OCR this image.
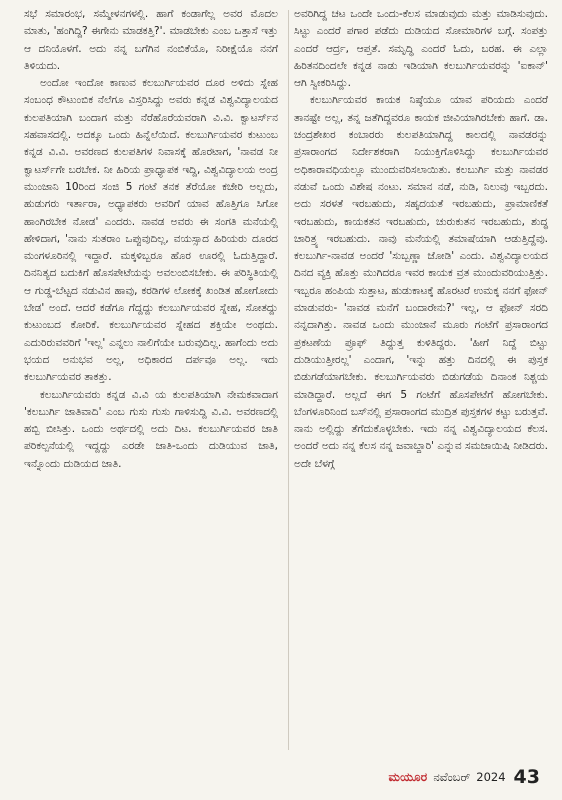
ಸಭೆ ಸಮಾರಂಭ, ಸಮ್ಮೇಳನಗಳಲ್ಲಿ. ಹಾಗೆ ಕಂಡಾಗೆಲ್ಲ ಅವರ ಮೊದಲ ಮಾತು, 'ಹಂಗಿದ್ದಿ? ಈಗೇನು ಮಾಡಕತ್ತಿ?'. ಮಾಡಬೇಕು ಎಂಬ ಒತ್ತಾಸೆ ಇತ್ತು ಆ ದನಿಯೊಳಗೆ. ಅದು ನನ್ನ ಬಗೆಗಿನ ನಂಬಿಕೆಯೊ, ನಿರೀಕ್ಷೆಯೊ ನನಗೆ ತಿಳಿಯದು.

ಅಂದೋ ಇಂದೋ ಕಾಣುವ ಕಲಬುರ್ಗಿಯವರ ದೂರ ಅಳಿದು ಸ್ನೇಹ ಸಂಬಂಧ ಕೌಟುಂಬಿಕ ನೆಲೆಗೂ ವಿಸ್ತರಿಸಿದ್ದು ಅವರು ಕನ್ನಡ ವಿಶ್ವವಿದ್ಯಾಲಯದ ಕುಲಪತಿಯಾಗಿ ಬಂದಾಗ ಮತ್ತು ನೆರೆಹೊರೆಯವರಾಗಿ ವಿ.ವಿ. ಕ್ವಾಟರ್ಸ್‌ನ ಸಹವಾಸದಲ್ಲಿ. ಅದಕ್ಕೂ ಒಂದು ಹಿನ್ನೆಲೆಯಿದೆ. ಕಲಬುರ್ಗಿಯವರ ಕುಟುಂಬ ಕನ್ನಡ ವಿ.ವಿ. ಅವರಣದ ಕುಲಪತಿಗಳ ನಿವಾಸಕ್ಕೆ ಹೊರಟಾಗ, 'ನಾವಡ ನೀ ಕ್ವಾಟರ್ಸ್‌ಗೇ ಬರಬೇಕ. ನೀ ಹಿರಿಯ ಪ್ರಾಧ್ಯಾಪಕ ಇದ್ದಿ, ವಿಶ್ವವಿದ್ಯಾಲಯ ಅಂದ್ರ ಮುಂಜಾನಿ 10ರಿಂದ ಸಂಜಿ 5 ಗಂಟೆ ತನಕ ತೆರೆಯೋ ಕಚೇರಿ ಅಲ್ಲದು, ಹುಡುಗರು ಇರ್ತಾರಾ, ಅಧ್ಯಾಪಕರು ಅವರಿಗೆ ಯಾವ ಹೊತ್ತಿಗೂ ಸಿಗೋ ಹಾಂಗಿರಬೇಕ ನೋಡ' ಎಂದರು. ನಾವಡ ಅವರು ಈ ಸಂಗತಿ ಮನೆಯಲ್ಲಿ ಹೇಳಿದಾಗ, 'ನಾನು ಸುತರಾಂ ಒಪ್ಪುವುದಿಲ್ಲ, ವಯಸ್ಸಾದ ಹಿರಿಯರು ದೂರದ ಮಂಗಳೂರಿನಲ್ಲಿ ಇದ್ದಾರೆ. ಮಕ್ಕಳಿಬ್ಬರೂ ಹೊರ ಊರಲ್ಲಿ ಓದುತ್ತಿದ್ದಾರೆ. ದಿನನಿತ್ಯದ ಬದುಕಿಗೆ ಹೊಸಪೇಟೆಯನ್ನು ಅವಲಂಬಿಸಬೇಕು. ಈ ಪರಿಸ್ಥಿತಿಯಲ್ಲಿ ಆ ಗುಡ್ಡ-ಬೆಟ್ಟದ ನಡುವಿನ ಹಾವು, ಕರಡಿಗಳ ಲೋಕಕ್ಕೆ ಖಂಡಿತ ಹೋಗೋದು ಬೇಡ' ಅಂದೆ. ಆದರೆ ಕಡೆಗೂ ಗೆದ್ದದ್ದು ಕಲಬುರ್ಗಿಯವರ ಸ್ನೇಹ, ಸೋತದ್ದು ಕುಟುಂಬದ ಕೋರಿಕೆ. ಕಲಬುರ್ಗಿಯವರ ಸ್ನೇಹದ ಶಕ್ತಿಯೇ ಅಂಥದು. ಎದುರಿರುವವರಿಗೆ 'ಇಲ್ಲ' ಎನ್ನಲು ನಾಲಿಗೆಯೇ ಬರುವುದಿಲ್ಲ. ಹಾಗೆಂದು ಅದು ಭಯದ ಅನುಭವ ಅಲ್ಲ, ಅಧಿಕಾರದ ದರ್ಪವೂ ಅಲ್ಲ. ಇದು ಕಲಬುರ್ಗಿಯವರ ತಾಕತ್ತು.

ಕಲಬುರ್ಗಿಯವರು ಕನ್ನಡ ವಿ.ವಿ ಯ ಕುಲಪತಿಯಾಗಿ ನೇಮಕವಾದಾಗ 'ಕಲಬುರ್ಗಿ ಜಾತಿವಾದಿ' ಎಂಬ ಗುಸು ಗುಸು ಗಾಳಿಸುದ್ದಿ ವಿ.ವಿ. ಅವರಣದಲ್ಲಿ ಹಬ್ಬಿ ಬೀಸಿತ್ತು. ಒಂದು ಅರ್ಥದಲ್ಲಿ ಅದು ದಿಟ. ಕಲಬುರ್ಗಿಯವರ ಜಾತಿ ಪರಿಕಲ್ಪನೆಯಲ್ಲಿ ಇದ್ದದ್ದು ಎರಡೇ ಜಾತಿ-ಒಂದು ದುಡಿಯುವ ಜಾತಿ, ಇನ್ನೊಂದು ದುಡಿಯದ ಜಾತಿ.

ಅವರಿಗಿದ್ದ ಚಟ ಒಂದೇ ಒಂದು-ಕೆಲಸ ಮಾಡುವುದು ಮತ್ತು ಮಾಡಿಸುವುದು. ಸಿಟ್ಟು ಎಂದರೆ ಪಗಾರ ಪಡೆದು ದುಡಿಯದ ಸೋಮಾರಿಗಳ ಬಗ್ಗೆ. ಸಂಪತ್ತು ಎಂದರೆ ಆರ್ದ್ರ, ಆಪ್ತತೆ. ಸಮೃದ್ಧಿ ಎಂದರೆ ಓದು, ಬರಹ. ಈ ಎಲ್ಲಾ ಹಿರಿತನದಿಂದಲೇ ಕನ್ನಡ ನಾಡು ಇಡಿಯಾಗಿ ಕಲಬುರ್ಗಿಯವರನ್ನು 'ಐಕಾನ್' ಆಗಿ ಸ್ವೀಕರಿಸಿದ್ದು.

ಕಲಬುರ್ಗಿಯವರ ಕಾಯಕ ನಿಷ್ಠೆಯೂ ಯಾವ ಪರಿಯದು ಎಂದರೆ ತಾನಷ್ಟೇ ಅಲ್ಲ, ತನ್ನ ಜತೆಗಿದ್ದವರೂ ಕಾಯಕ ಜೀವಿಯಾಗಿರಬೇಕು ಹಾಗೆ. ಡಾ. ಚಂದ್ರಶೇಖರ ಕಂಬಾರರು ಕುಲಪತಿಯಾಗಿದ್ದ ಕಾಲದಲ್ಲಿ ನಾವಡರನ್ನು ಪ್ರಸಾರಾಂಗದ ನಿರ್ದೇಶಕರಾಗಿ ನಿಯುಕ್ತಿಗೊಳಿಸಿದ್ದು ಕಲಬುರ್ಗಿಯವರ ಅಧಿಕಾರಾವಧಿಯಲ್ಲೂ ಮುಂದುವರಿಸಲಾಯಿತು. ಕಲಬುರ್ಗಿ ಮತ್ತು ನಾವಡರ ನಡುವೆ ಒಂದು ವಿಶೇಷ ನಂಟು. ಸಮಾನ ನಡೆ, ನುಡಿ, ನಿಲುವು ಇಬ್ಬರದು. ಅದು ಸರಳತೆ ಇರಬಹುದು, ಸಹೃದಯತೆ ಇರಬಹುದು, ಪ್ರಾಮಾಣಿಕತೆ ಇರಬಹುದು, ಕಾಯಕತನ ಇರಬಹುದು, ಚುರುಕುತನ ಇರಬಹುದು, ಶುದ್ಧ ಚಾರಿತ್ರ್ಯ ಇರಬಹುದು. ನಾವು ಮನೆಯಲ್ಲಿ ತಮಾಷೆಯಾಗಿ ಆಡುತ್ತಿದ್ದೆವು. ಕಲಬುರ್ಗಿ-ನಾವಡ ಅಂದರೆ 'ಸುಬ್ಬಣ್ಣಾ ಜೋಡಿ' ಎಂದು. ವಿಶ್ವವಿದ್ಯಾಲಯದ ದಿನದ ವ್ಯಕ್ತಿ ಹೊತ್ತು ಮುಗಿದರೂ ಇವರ ಕಾಯಕ ವ್ರತ ಮುಂದುವರಿಯುತ್ತಿತ್ತು. ಇಬ್ಬರೂ ಹಂಪಿಯ ಸುತ್ತಾಟ, ಹುಡುಕಾಟಕ್ಕೆ ಹೊರಟರೆ ಉಮಕ್ಕ ನನಗೆ ಫೋನ್ ಮಾಡುವರು- 'ನಾವಡ ಮನೆಗೆ ಬಂದಾರೇನು?' ಇಲ್ಲ, ಆ ಫೋನ್ ಸರದಿ ನನ್ನದಾಗಿತ್ತು. ನಾವಡ ಒಂದು ಮುಂಜಾನೆ ಮೂರು ಗಂಟೆಗೆ ಪ್ರಸಾರಾಂಗದ ಪ್ರಕಟಣೆಯ ಪ್ರೂಫ್ ತಿದ್ದುತ್ತ ಕುಳಿತಿದ್ದರು. 'ಹೀಗೆ ನಿದ್ದೆ ಬಿಟ್ಟು ದುಡಿಯುತ್ತೀರಲ್ಲ' ಎಂದಾಗ, 'ಇನ್ನು ಹತ್ತು ದಿನದಲ್ಲಿ ಈ ಪುಸ್ತಕ ಬಿಡುಗಡೆಯಾಗಬೇಕು. ಕಲಬುರ್ಗಿಯವರು ಬಿಡುಗಡೆಯ ದಿನಾಂಕ ನಿಶ್ಚಯ ಮಾಡಿದ್ದಾರೆ. ಅಲ್ಲದೆ ಈಗ 5 ಗಂಟೆಗೆ ಹೊಸಪೇಟೆಗೆ ಹೋಗಬೇಕು. ಬೆಂಗಳೂರಿನಿಂದ ಬಸ್‌ನಲ್ಲಿ ಪ್ರಸಾರಾಂಗದ ಮುದ್ರಿತ ಪುಸ್ತಕಗಳ ಕಟ್ಟು ಬರುತ್ತವೆ. ನಾನು ಅಲ್ಲಿದ್ದು ತೆಗೆದುಕೊಳ್ಳಬೇಕು. ಇದು ನನ್ನ ವಿಶ್ವವಿದ್ಯಾಲಯದ ಕೆಲಸ. ಅಂದರೆ ಅದು ನನ್ನ ಕೆಲಸ ನನ್ನ ಜವಾಬ್ದಾರಿ' ಎನ್ನುವ ಸಮಜಾಯಿಷಿ ನೀಡಿದರು. ಅದೇ ಬೆಳಗ್ಗೆ

ಮಯೂರ ನವೆಂಬರ್ 2024 43
